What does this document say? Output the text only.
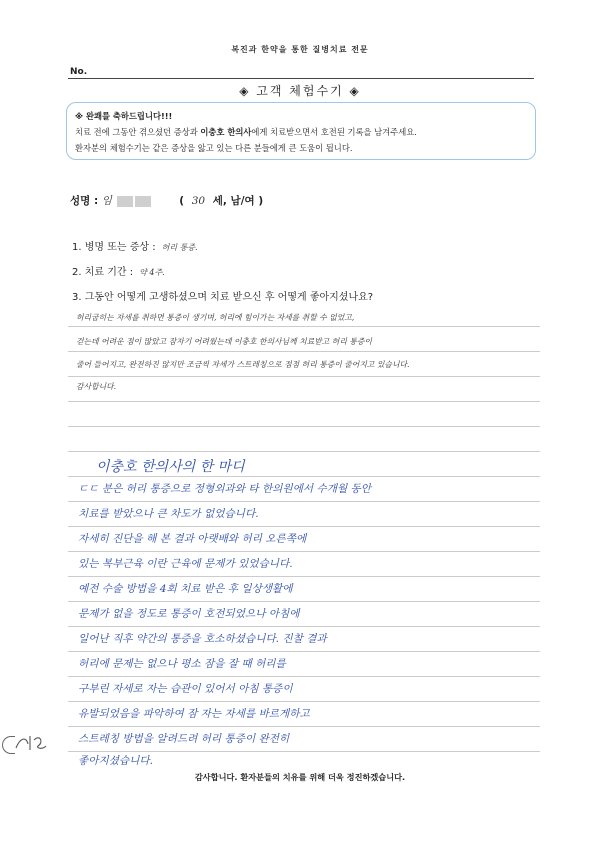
복진과 한약을 통한 질병치료 전문
No.
◈ 고객 체험수기 ◈
※ 완쾌를 축하드립니다!!!
치료 전에 그동안 겪으셨던 증상과 이충호 한의사에게 치료받으면서 호전된 기록을 남겨주세요.
환자분의 체험수기는 같은 증상을 앓고 있는 다른 분들에게 큰 도움이 됩니다.
성명 : 임	( 30 세, 남/여 )
1. 병명 또는 증상 : 허리 통증.
2. 치료 기간 : 약 4주.
3. 그동안 어떻게 고생하셨으며 치료 받으신 후 어떻게 좋아지셨나요?
허리굽히는 자세를 취하면 통증이 생기며, 허리에 힘이가는 자세를 취할 수 없었고,
걷는데 어려운 점이 많았고 잠자기 어려웠는데 이충호 한의사님께 치료받고 허리 통증이
줄어 들어지고, 완전하진 않지만 조금씩 자세가 스트레칭으로 점점 허리 통증이 줄어지고 있습니다.
감사합니다.
이충호 한의사의 한 마디
ㄷㄷ 분은 허리 통증으로 정형외과와 타 한의원에서 수개월 동안
치료를 받았으나 큰 차도가 없었습니다.
자세히 진단을 해 본 결과 아랫배와 허리 오른쪽에
있는 복부근육 이란 근육에 문제가 있었습니다.
예전 수술 방법을 4회 치료 받은 후 일상생활에
문제가 없을 정도로 통증이 호전되었으나 아침에
일어난 직후 약간의 통증을 호소하셨습니다. 진찰 결과
허리에 문제는 없으나 평소 잠을 잘 때 허리를
구부린 자세로 자는 습관이 있어서 아침 통증이
유발되었음을 파악하여 잠 자는 자세를 바르게하고
스트레칭 방법을 알려드려 허리 통증이 완전히
좋아지셨습니다.
감사합니다. 환자분들의 치유를 위해 더욱 정진하겠습니다.
